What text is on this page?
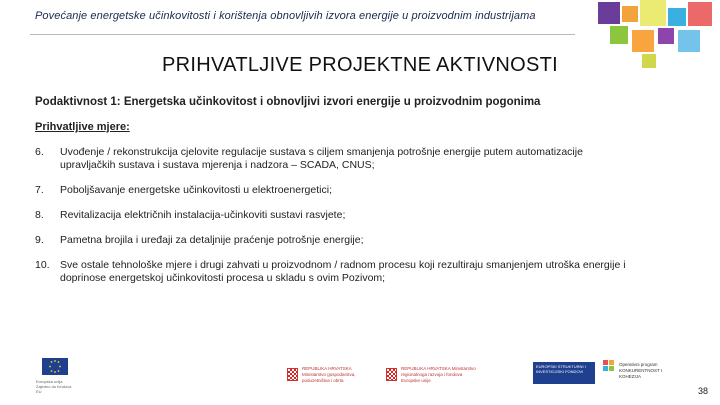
Povećanje energetske učinkovitosti i korištenja obnovljivih izvora energije u proizvodnim industrijama
PRIHVATLJIVE PROJEKTNE AKTIVNOSTI
Podaktivnost 1: Energetska učinkovitost i obnovljivi izvori energije u proizvodnim pogonima
Prihvatljive mjere:
6.	Uvođenje / rekonstrukcija cjelovite regulacije sustava s ciljem smanjenja potrošnje energije putem automatizacije upravljačkih sustava i sustava mjerenja i nadzora – SCADA, CNUS;
7.	Poboljšavanje energetske učinkovitosti u elektroenergetici;
8.	Revitalizacija električnih instalacija-učinkoviti sustavi rasvjete;
9.	Pametna brojila i uređaji za detaljnije praćenje potrošnje energije;
10. Sve ostale tehnološke mjere i drugi zahvati u proizvodnom / radnom procesu koji rezultiraju smanjenjem utroška energije i doprinose energetskoj učinkovitosti procesa u skladu s ovim Pozivom;
Europska unija Zajedno do fondova EU
REPUBLIKA HRVATSKA Ministarstvo gospodarstva, poduzetništva i obrta
REPUBLIKA HRVATSKA Ministarstvo regionalnoga razvoja i fondova Europske unije
EUROPSKI STRUKTURNI I INVESTICIJSKI FONDOVI
Operativni program KONKURENTNOST I KOHEZIJA
38
